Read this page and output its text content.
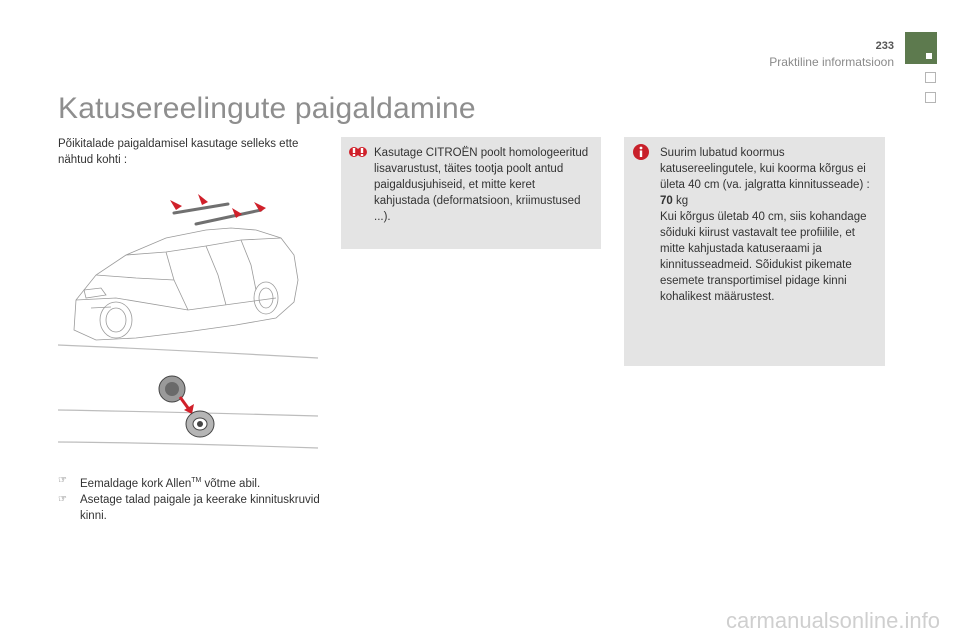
233
Praktiline informatsioon
Katusereelingute paigaldamine
Põikitalade paigaldamisel kasutage selleks ette nähtud kohti :
☞ Eemaldage kork Allen™ võtme abil.
☞ Asetage talad paigale ja keerake kinnituskruvid kinni.
Kasutage CITROËN poolt homologeeritud lisavarustust, täites tootja poolt antud paigaldusjuhiseid, et mitte keret kahjustada (deformatsioon, kriimustused ...).
Suurim lubatud koormus katusereelingutele, kui koorma kõrgus ei ületa 40 cm (va. jalgratta kinnitusseade) : 70 kg
Kui kõrgus ületab 40 cm, siis kohandage sõiduki kiirust vastavalt tee profiilile, et mitte kahjustada katuseraami ja kinnitusseadmeid. Sõidukist pikemate esemete transportimisel pidage kinni kohalikest määrustest.
carmanualsonline.info
